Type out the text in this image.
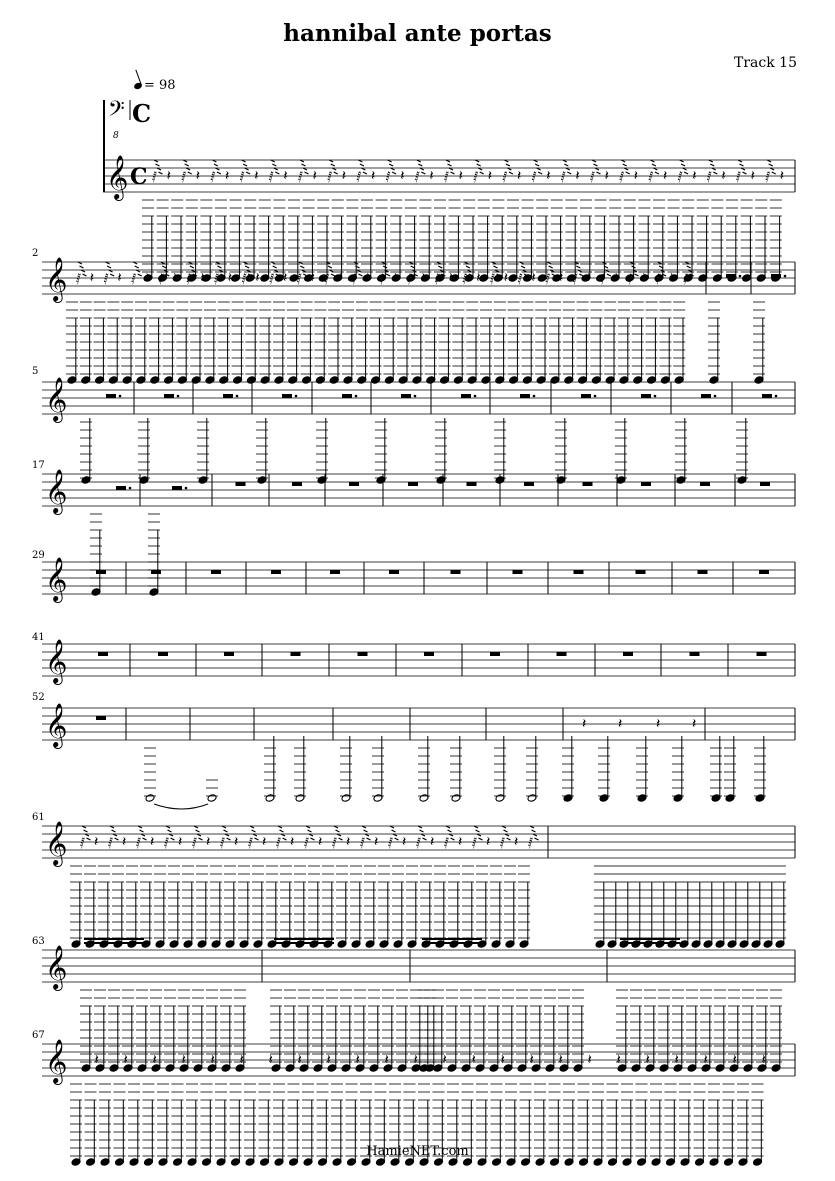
hannibal ante portas
Track 15
= 98
2
5
17
29
41
52
61
63
67
𝄢
8
C
𝄞 C
𝄞
𝄞
𝄞
𝄞
𝄞
𝄞
𝄞
𝄞
𝄞
𝅁 𝄽 𝅁 𝄽 𝅁 𝄽 𝅁 𝄽 𝅁 𝄽 𝅁 𝄽 𝅁 𝄽 𝅁 𝄽 𝅁 𝄽 𝅁 𝄽 𝅁 𝄽 𝅁 𝄽 𝅁 𝄽 𝅁 𝄽 𝅁 𝄽 𝅁 𝄽 𝅁 𝄽 𝅁 𝄽 𝅁 𝄽 𝅁 𝄽 𝅁 𝄽 𝅁 𝄽
𝅁 𝄽 𝅁 𝄽 𝅁 𝄽 𝅁 𝄽 𝅁 𝄽 𝅁 𝄽 𝅁 𝄽 𝅁 𝄽 𝅁 𝄽 𝅁 𝄽 𝅁 𝄽 𝅁 𝄽 𝅁 𝄽 𝅁 𝄽 𝅁 𝄽 𝅁 𝄽 𝅁 𝄽 𝅁 𝄽 𝅁 𝄽 𝅁 𝄽 𝅁 𝄽 𝅁 𝄽 𝅁
𝄽 𝄽 𝄽 𝄽
𝅁 𝄽 𝅁 𝄽 𝅁 𝄽 𝅁 𝄽 𝅁 𝄽 𝅁 𝄽 𝅁 𝄽 𝅁 𝄽 𝅁 𝄽 𝅁 𝄽 𝅁 𝄽 𝅁 𝄽 𝅁 𝄽 𝅁 𝄽 𝅁 𝄽 𝅁 𝄽 𝅁
𝄽 𝄽 𝄽 𝄽 𝄽 𝄽 𝄽 𝄽 𝄽 𝄽 𝄽 𝄽 𝄽 𝄽 𝄽 𝄽 𝄽 𝄽 𝄽 𝄽 𝄽 𝄽 𝄽 𝄽
HamieNET.com
